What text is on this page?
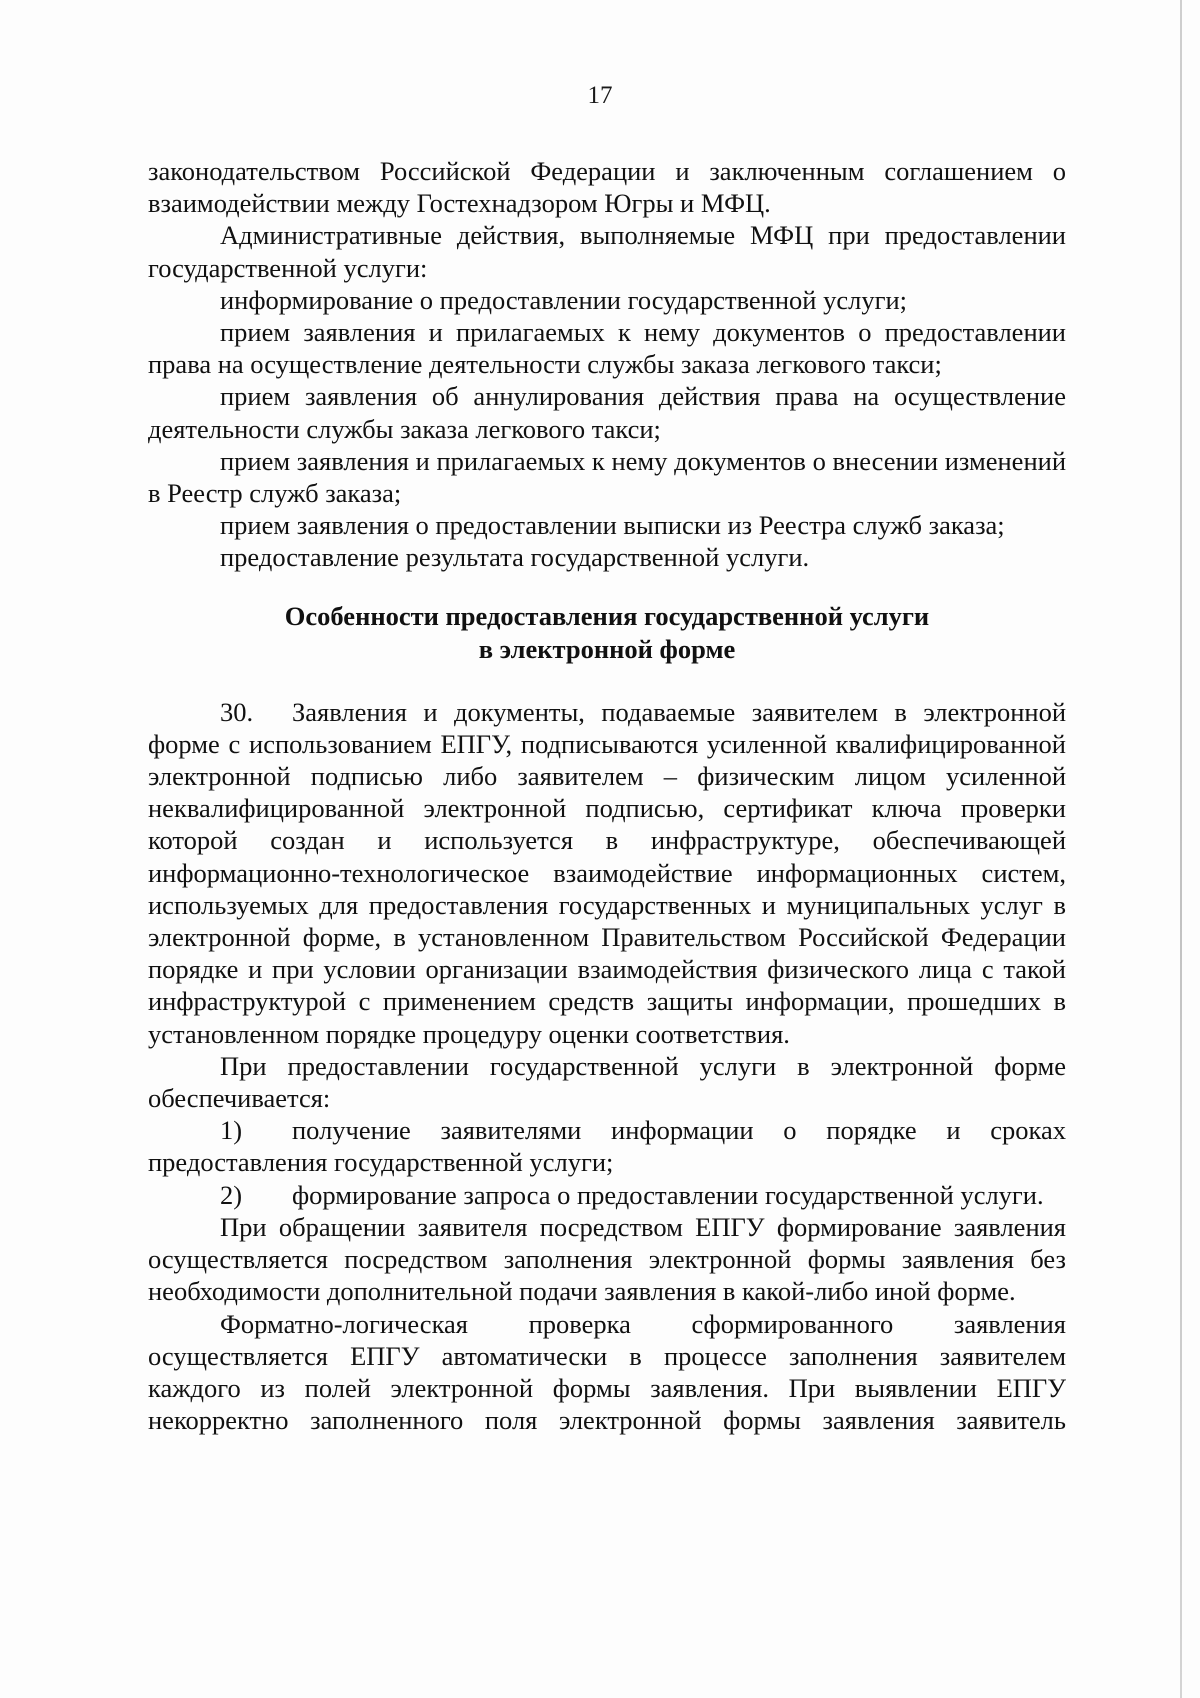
17

законодательством Российской Федерации и заключенным соглашением о взаимодействии между Гостехнадзором Югры и МФЦ.

Административные действия, выполняемые МФЦ при предоставлении государственной услуги:

информирование о предоставлении государственной услуги;

прием заявления и прилагаемых к нему документов о предоставлении права на осуществление деятельности службы заказа легкового такси;

прием заявления об аннулирования действия права на осуществление деятельности службы заказа легкового такси;

прием заявления и прилагаемых к нему документов о внесении изменений в Реестр служб заказа;

прием заявления о предоставлении выписки из Реестра служб заказа;

предоставление результата государственной услуги.

Особенности предоставления государственной услуги
в электронной форме

30. Заявления и документы, подаваемые заявителем в электронной форме с использованием ЕПГУ, подписываются усиленной квалифицированной электронной подписью либо заявителем – физическим лицом усиленной неквалифицированной электронной подписью, сертификат ключа проверки которой создан и используется в инфраструктуре, обеспечивающей информационно-технологическое взаимодействие информационных систем, используемых для предоставления государственных и муниципальных услуг в электронной форме, в установленном Правительством Российской Федерации порядке и при условии организации взаимодействия физического лица с такой инфраструктурой с применением средств защиты информации, прошедших в установленном порядке процедуру оценки соответствия.

При предоставлении государственной услуги в электронной форме обеспечивается:

1) получение заявителями информации о порядке и сроках предоставления государственной услуги;

2) формирование запроса о предоставлении государственной услуги.

При обращении заявителя посредством ЕПГУ формирование заявления осуществляется посредством заполнения электронной формы заявления без необходимости дополнительной подачи заявления в какой-либо иной форме.

Форматно-логическая проверка сформированного заявления осуществляется ЕПГУ автоматически в процессе заполнения заявителем каждого из полей электронной формы заявления. При выявлении ЕПГУ некорректно заполненного поля электронной формы заявления заявитель
